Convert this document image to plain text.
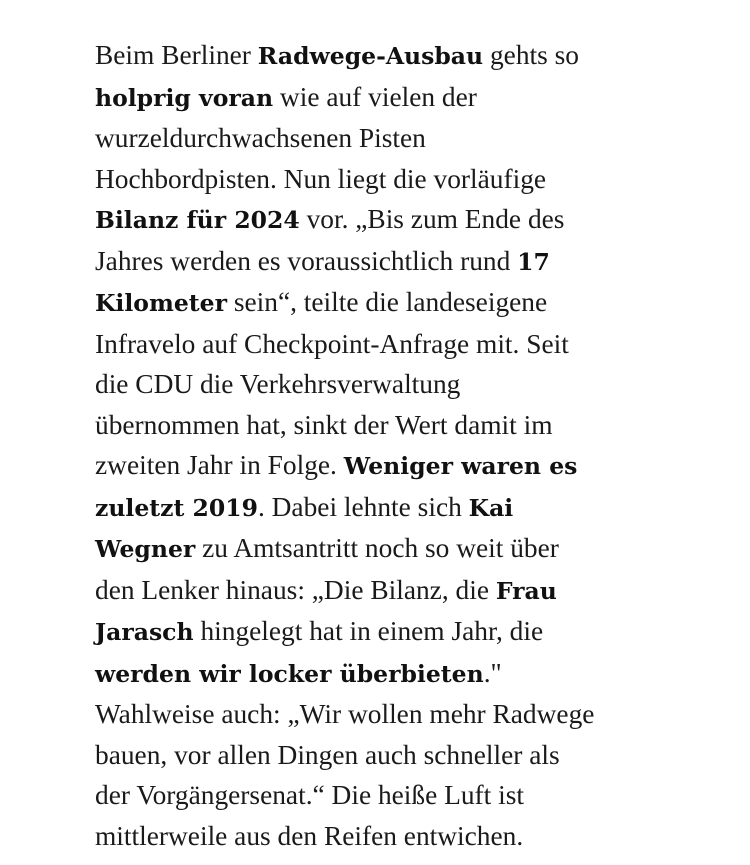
Beim Berliner Radwege-Ausbau gehts so
holprig voran wie auf vielen der
wurzeldurchwachsenen Pisten
Hochbordpisten. Nun liegt die vorläufige
Bilanz für 2024 vor. „Bis zum Ende des
Jahres werden es voraussichtlich rund 17
Kilometer sein“, teilte die landeseigene
Infravelo auf Checkpoint-Anfrage mit. Seit
die CDU die Verkehrsverwaltung
übernommen hat, sinkt der Wert damit im
zweiten Jahr in Folge. Weniger waren es
zuletzt 2019. Dabei lehnte sich Kai
Wegner zu Amtsantritt noch so weit über
den Lenker hinaus: „Die Bilanz, die Frau
Jarasch hingelegt hat in einem Jahr, die
werden wir locker überbieten."
Wahlweise auch: „Wir wollen mehr Radwege
bauen, vor allen Dingen auch schneller als
der Vorgängersenat.“ Die heiße Luft ist
mittlerweile aus den Reifen entwichen.
